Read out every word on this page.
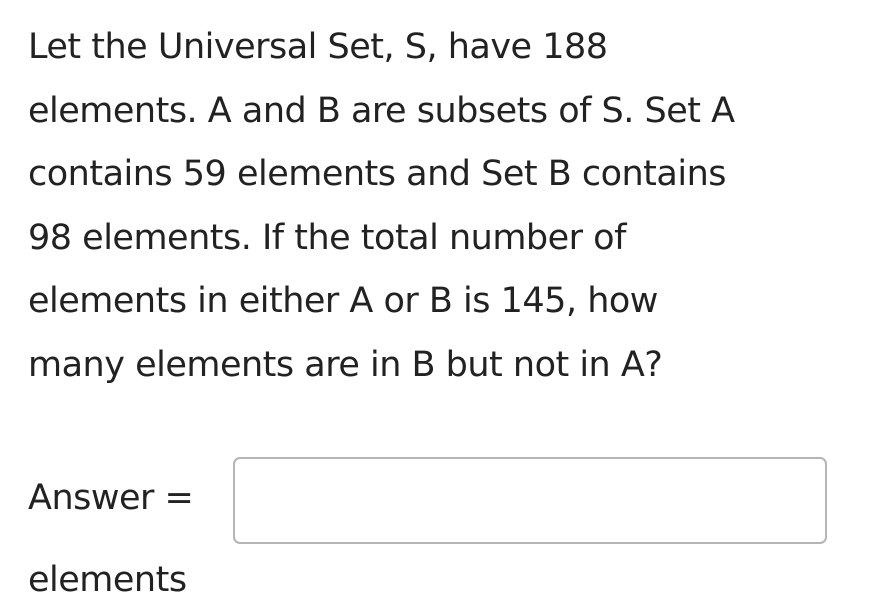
Let the Universal Set, S, have 188
elements. A and B are subsets of S. Set A
contains 59 elements and Set B contains
98 elements. If the total number of
elements in either A or B is 145, how
many elements are in B but not in A?
Answer =
elements
